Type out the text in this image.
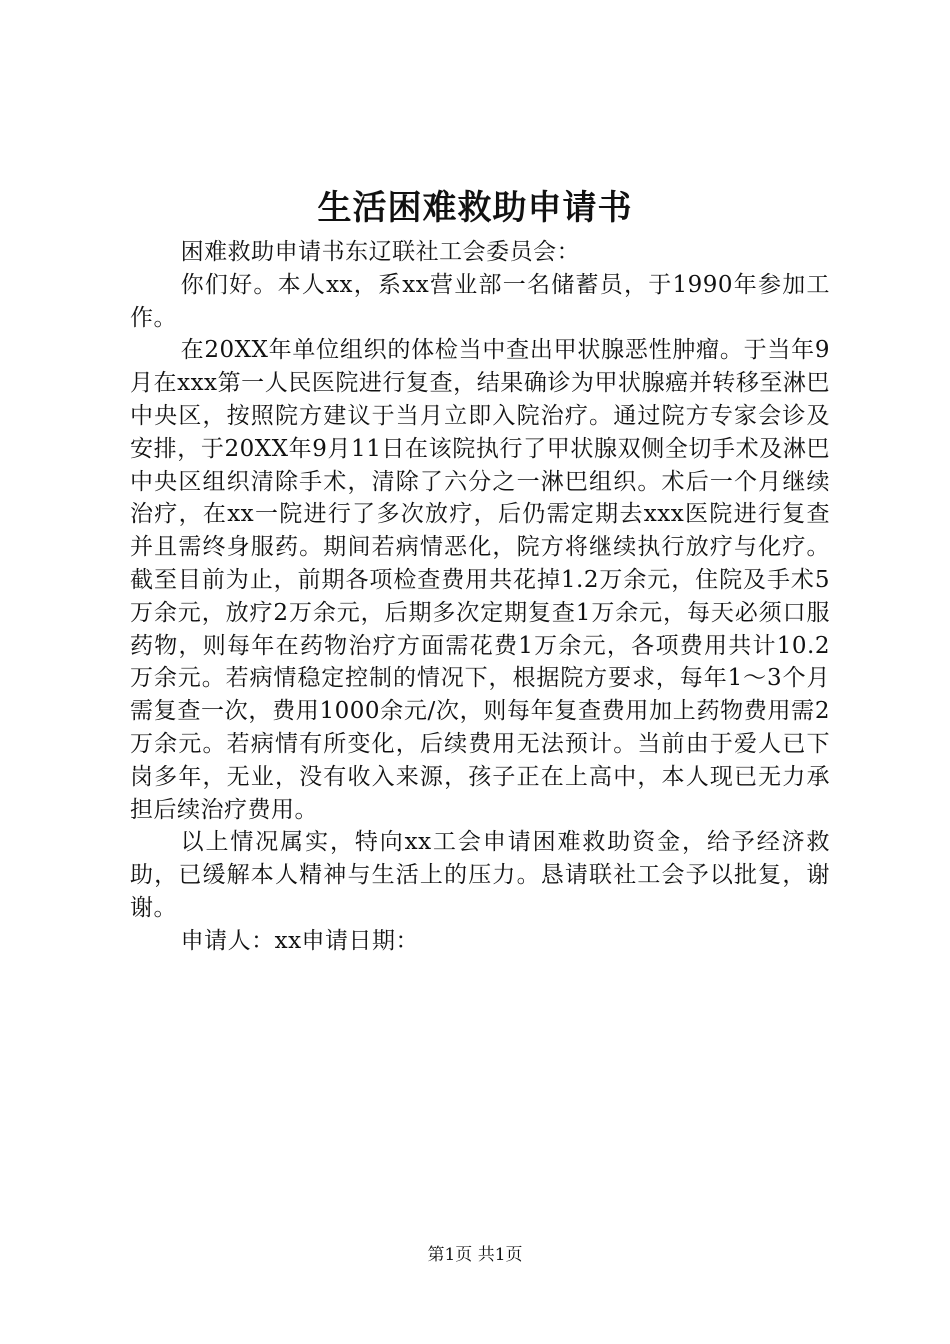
生活困难救助申请书

困难救助申请书东辽联社工会委员会：

你们好。本人xx，系xx营业部一名储蓄员，于1990年参加工作。

在20XX年单位组织的体检当中查出甲状腺恶性肿瘤。于当年9月在xxx第一人民医院进行复查，结果确诊为甲状腺癌并转移至淋巴中央区，按照院方建议于当月立即入院治疗。通过院方专家会诊及安排，于20XX年9月11日在该院执行了甲状腺双侧全切手术及淋巴中央区组织清除手术，清除了六分之一淋巴组织。术后一个月继续治疗，在xx一院进行了多次放疗，后仍需定期去xxx医院进行复查并且需终身服药。期间若病情恶化，院方将继续执行放疗与化疗。截至目前为止，前期各项检查费用共花掉1.2万余元，住院及手术5万余元，放疗2万余元，后期多次定期复查1万余元，每天必须口服药物，则每年在药物治疗方面需花费1万余元，各项费用共计10.2万余元。若病情稳定控制的情况下，根据院方要求，每年1～3个月需复查一次，费用1000余元/次，则每年复查费用加上药物费用需2万余元。若病情有所变化，后续费用无法预计。当前由于爱人已下岗多年，无业，没有收入来源，孩子正在上高中，本人现已无力承担后续治疗费用。

以上情况属实，特向xx工会申请困难救助资金，给予经济救助，已缓解本人精神与生活上的压力。恳请联社工会予以批复，谢谢。

申请人：xx申请日期：

第1页 共1页
